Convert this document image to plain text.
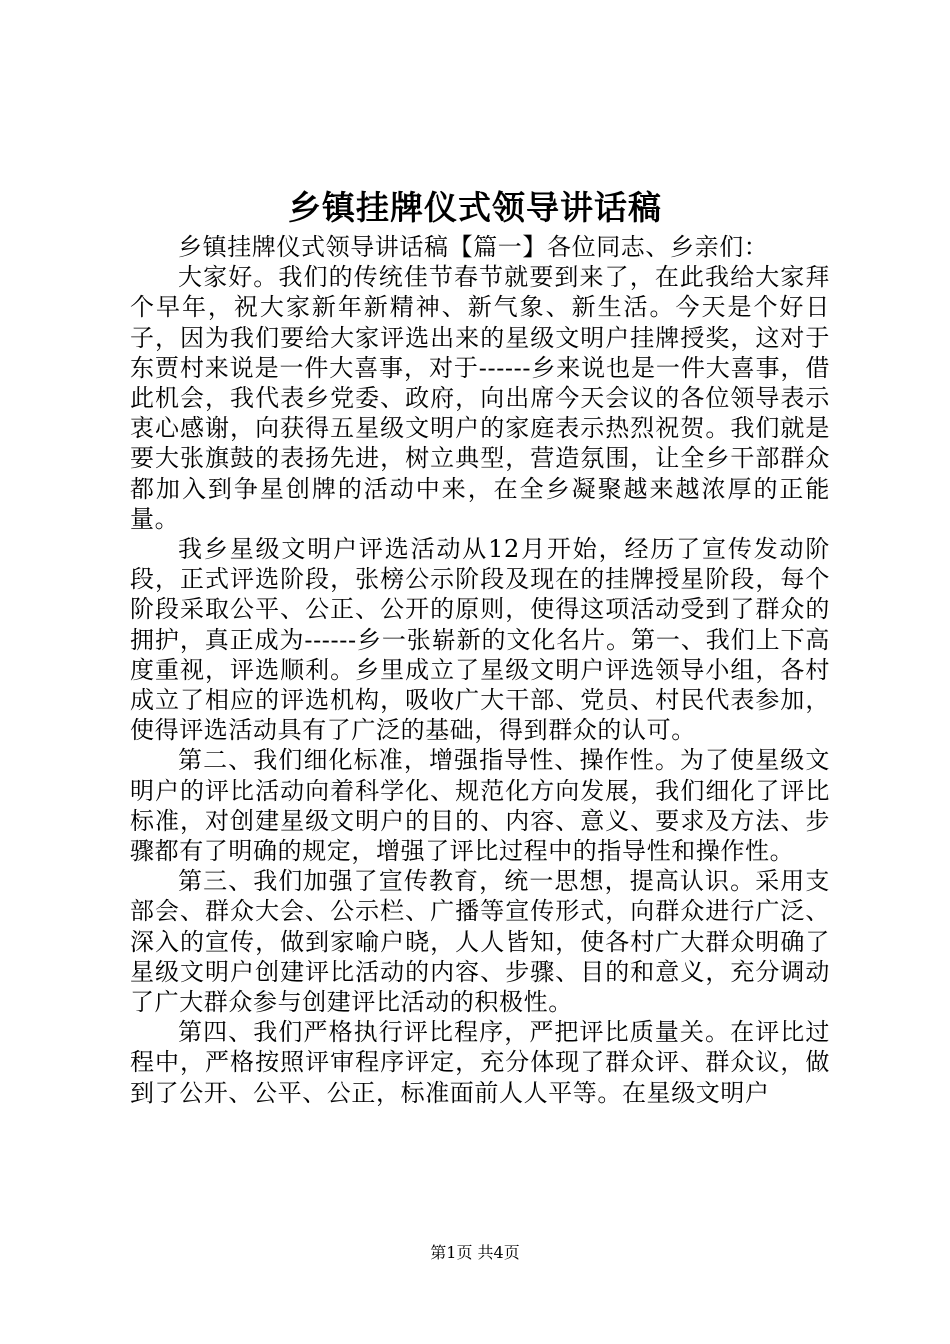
乡镇挂牌仪式领导讲话稿

乡镇挂牌仪式领导讲话稿【篇一】各位同志、乡亲们：

大家好。我们的传统佳节春节就要到来了，在此我给大家拜个早年，祝大家新年新精神、新气象、新生活。今天是个好日子，因为我们要给大家评选出来的星级文明户挂牌授奖，这对于东贾村来说是一件大喜事，对于------乡来说也是一件大喜事，借此机会，我代表乡党委、政府，向出席今天会议的各位领导表示衷心感谢，向获得五星级文明户的家庭表示热烈祝贺。我们就是要大张旗鼓的表扬先进，树立典型，营造氛围，让全乡干部群众都加入到争星创牌的活动中来，在全乡凝聚越来越浓厚的正能量。

我乡星级文明户评选活动从12月开始，经历了宣传发动阶段，正式评选阶段，张榜公示阶段及现在的挂牌授星阶段，每个阶段采取公平、公正、公开的原则，使得这项活动受到了群众的拥护，真正成为------乡一张崭新的文化名片。第一、我们上下高度重视，评选顺利。乡里成立了星级文明户评选领导小组，各村成立了相应的评选机构，吸收广大干部、党员、村民代表参加，使得评选活动具有了广泛的基础，得到群众的认可。

第二、我们细化标准，增强指导性、操作性。为了使星级文明户的评比活动向着科学化、规范化方向发展，我们细化了评比标准，对创建星级文明户的目的、内容、意义、要求及方法、步骤都有了明确的规定，增强了评比过程中的指导性和操作性。

第三、我们加强了宣传教育，统一思想，提高认识。采用支部会、群众大会、公示栏、广播等宣传形式，向群众进行广泛、深入的宣传，做到家喻户晓，人人皆知，使各村广大群众明确了星级文明户创建评比活动的内容、步骤、目的和意义，充分调动了广大群众参与创建评比活动的积极性。

第四、我们严格执行评比程序，严把评比质量关。在评比过程中，严格按照评审程序评定，充分体现了群众评、群众议，做到了公开、公平、公正，标准面前人人平等。在星级文明户

第1页 共4页
